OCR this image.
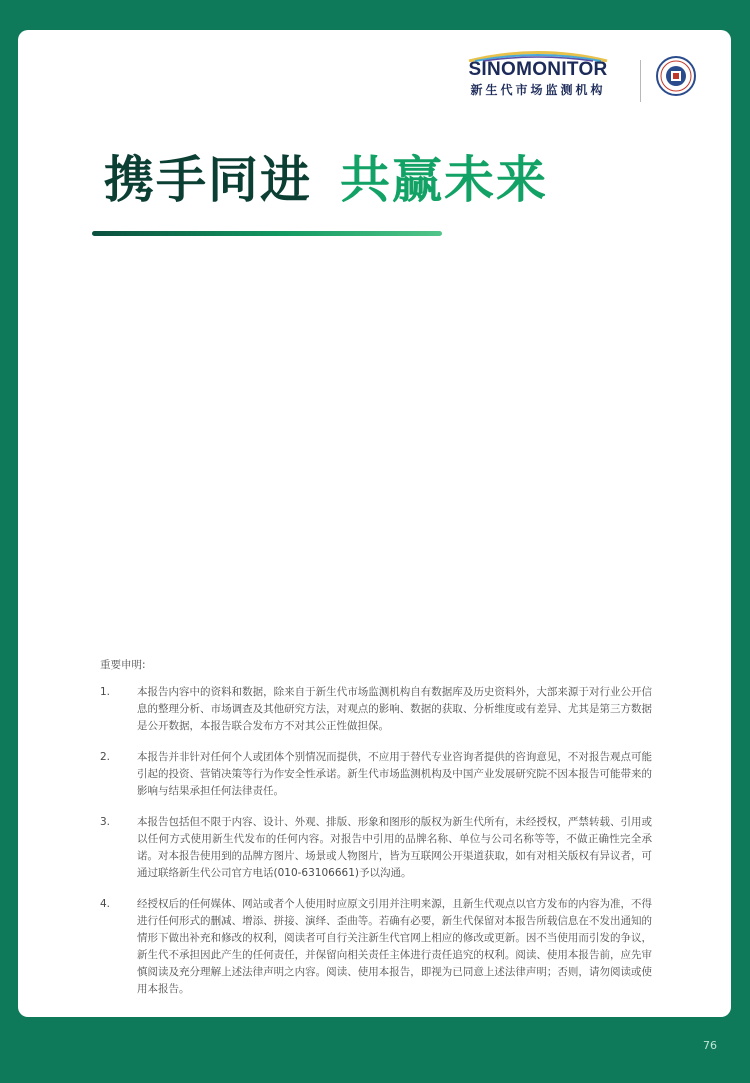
SINOMONITOR
新生代市场监测机构
携手同进 共赢未来
重要申明:
1.	本报告内容中的资料和数据，除来自于新生代市场监测机构自有数据库及历史资料外，大部来源于对行业公开信息的整理分析、市场调查及其他研究方法，对观点的影响、数据的获取、分析维度或有差异、尤其是第三方数据是公开数据，本报告联合发布方不对其公正性做担保。
2.	本报告并非针对任何个人或团体个别情况而提供，不应用于替代专业咨询者提供的咨询意见，不对报告观点可能引起的投资、营销决策等行为作安全性承诺。新生代市场监测机构及中国产业发展研究院不因本报告可能带来的影响与结果承担任何法律责任。
3.	本报告包括但不限于内容、设计、外观、排版、形象和图形的版权为新生代所有，未经授权，严禁转载、引用或以任何方式使用新生代发布的任何内容。对报告中引用的品牌名称、单位与公司名称等等，不做正确性完全承诺。对本报告使用到的品牌方图片、场景或人物图片，皆为互联网公开渠道获取，如有对相关版权有异议者，可通过联络新生代公司官方电话(010-63106661)予以沟通。
4.	经授权后的任何媒体、网站或者个人使用时应原文引用并注明来源，且新生代观点以官方发布的内容为准，不得进行任何形式的删减、增添、拼接、演绎、歪曲等。若确有必要，新生代保留对本报告所载信息在不发出通知的情形下做出补充和修改的权利，阅读者可自行关注新生代官网上相应的修改或更新。因不当使用而引发的争议，新生代不承担因此产生的任何责任，并保留向相关责任主体进行责任追究的权利。阅读、使用本报告前，应先审慎阅读及充分理解上述法律声明之内容。阅读、使用本报告，即视为已同意上述法律声明；否则，请勿阅读或使用本报告。
76
